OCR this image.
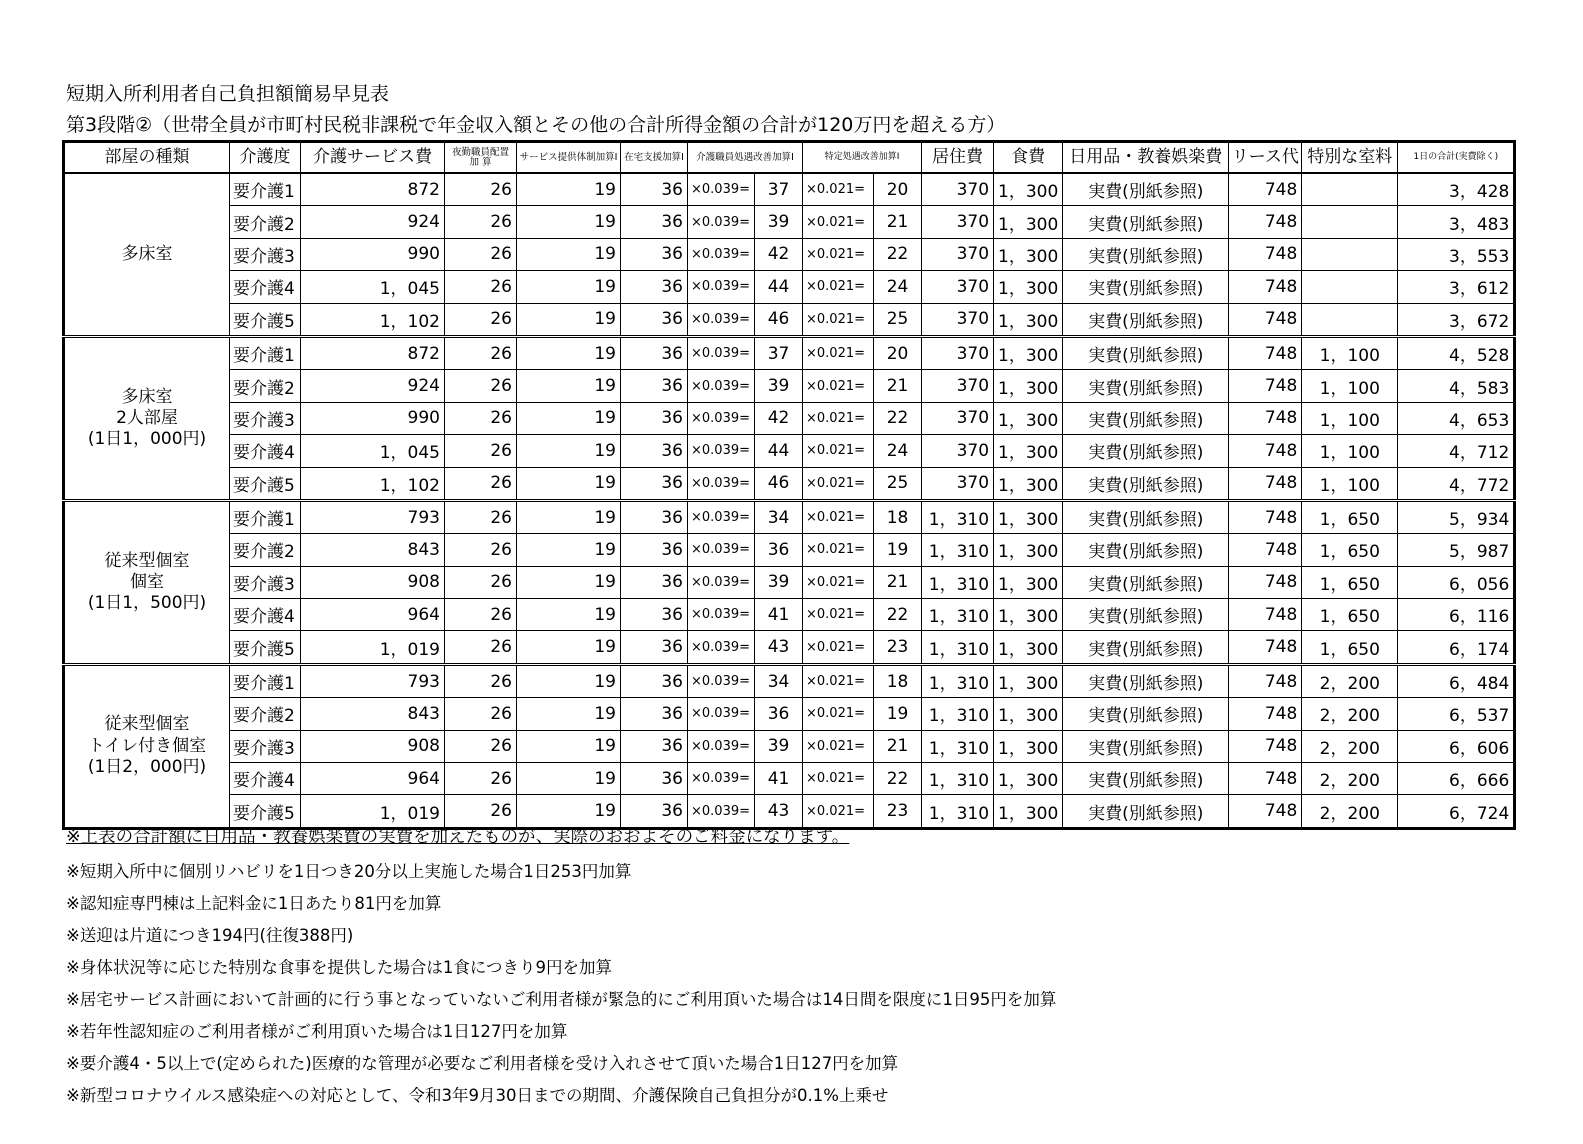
短期入所利用者自己負担額簡易早見表
第3段階②（世帯全員が市町村民税非課税で年金収入額とその他の合計所得金額の合計が120万円を超える方）
部屋の種類	介護度	介護サービス費	夜勤職員配置 加 算	サービス提供体制加算Ⅰ	在宅支援加算Ⅰ	介護職員処遇改善加算Ⅰ		特定処遇改善加算Ⅰ		居住費	食費	日用品・教養娯楽費	リース代	特別な室料	1日の合計(実費除く)

多床室	要介護1	872	26	19	36	×0.039=	37	×0.021=	20	370	1，300	実費(別紙参照)	748		3，428
	要介護2	924	26	19	36	×0.039=	39	×0.021=	21	370	1，300	実費(別紙参照)	748		3，483
	要介護3	990	26	19	36	×0.039=	42	×0.021=	22	370	1，300	実費(別紙参照)	748		3，553
	要介護4	1，045	26	19	36	×0.039=	44	×0.021=	24	370	1，300	実費(別紙参照)	748		3，612
	要介護5	1，102	26	19	36	×0.039=	46	×0.021=	25	370	1，300	実費(別紙参照)	748		3，672

多床室
2人部屋
(1日1，000円)	要介護1	872	26	19	36	×0.039=	37	×0.021=	20	370	1，300	実費(別紙参照)	748	1，100	4，528
	要介護2	924	26	19	36	×0.039=	39	×0.021=	21	370	1，300	実費(別紙参照)	748	1，100	4，583
	要介護3	990	26	19	36	×0.039=	42	×0.021=	22	370	1，300	実費(別紙参照)	748	1，100	4，653
	要介護4	1，045	26	19	36	×0.039=	44	×0.021=	24	370	1，300	実費(別紙参照)	748	1，100	4，712
	要介護5	1，102	26	19	36	×0.039=	46	×0.021=	25	370	1，300	実費(別紙参照)	748	1，100	4，772

従来型個室
個室
(1日1，500円)	要介護1	793	26	19	36	×0.039=	34	×0.021=	18	1，310	1，300	実費(別紙参照)	748	1，650	5，934
	要介護2	843	26	19	36	×0.039=	36	×0.021=	19	1，310	1，300	実費(別紙参照)	748	1，650	5，987
	要介護3	908	26	19	36	×0.039=	39	×0.021=	21	1，310	1，300	実費(別紙参照)	748	1，650	6，056
	要介護4	964	26	19	36	×0.039=	41	×0.021=	22	1，310	1，300	実費(別紙参照)	748	1，650	6，116
	要介護5	1，019	26	19	36	×0.039=	43	×0.021=	23	1，310	1，300	実費(別紙参照)	748	1，650	6，174

従来型個室
トイレ付き個室
(1日2，000円)	要介護1	793	26	19	36	×0.039=	34	×0.021=	18	1，310	1，300	実費(別紙参照)	748	2，200	6，484
	要介護2	843	26	19	36	×0.039=	36	×0.021=	19	1，310	1，300	実費(別紙参照)	748	2，200	6，537
	要介護3	908	26	19	36	×0.039=	39	×0.021=	21	1，310	1，300	実費(別紙参照)	748	2，200	6，606
	要介護4	964	26	19	36	×0.039=	41	×0.021=	22	1，310	1，300	実費(別紙参照)	748	2，200	6，666
	要介護5	1，019	26	19	36	×0.039=	43	×0.021=	23	1，310	1，300	実費(別紙参照)	748	2，200	6，724
※上表の合計額に日用品・教養娯楽費の実費を加えたものが、実際のおおよそのご料金になります。
※短期入所中に個別リハビリを1日つき20分以上実施した場合1日253円加算
※認知症専門棟は上記料金に1日あたり81円を加算
※送迎は片道につき194円(往復388円)
※身体状況等に応じた特別な食事を提供した場合は1食につきり9円を加算
※居宅サービス計画において計画的に行う事となっていないご利用者様が緊急的にご利用頂いた場合は14日間を限度に1日95円を加算
※若年性認知症のご利用者様がご利用頂いた場合は1日127円を加算
※要介護4・5以上で(定められた)医療的な管理が必要なご利用者様を受け入れさせて頂いた場合1日127円を加算
※新型コロナウイルス感染症への対応として、令和3年9月30日までの期間、介護保険自己負担分が0.1%上乗せ
